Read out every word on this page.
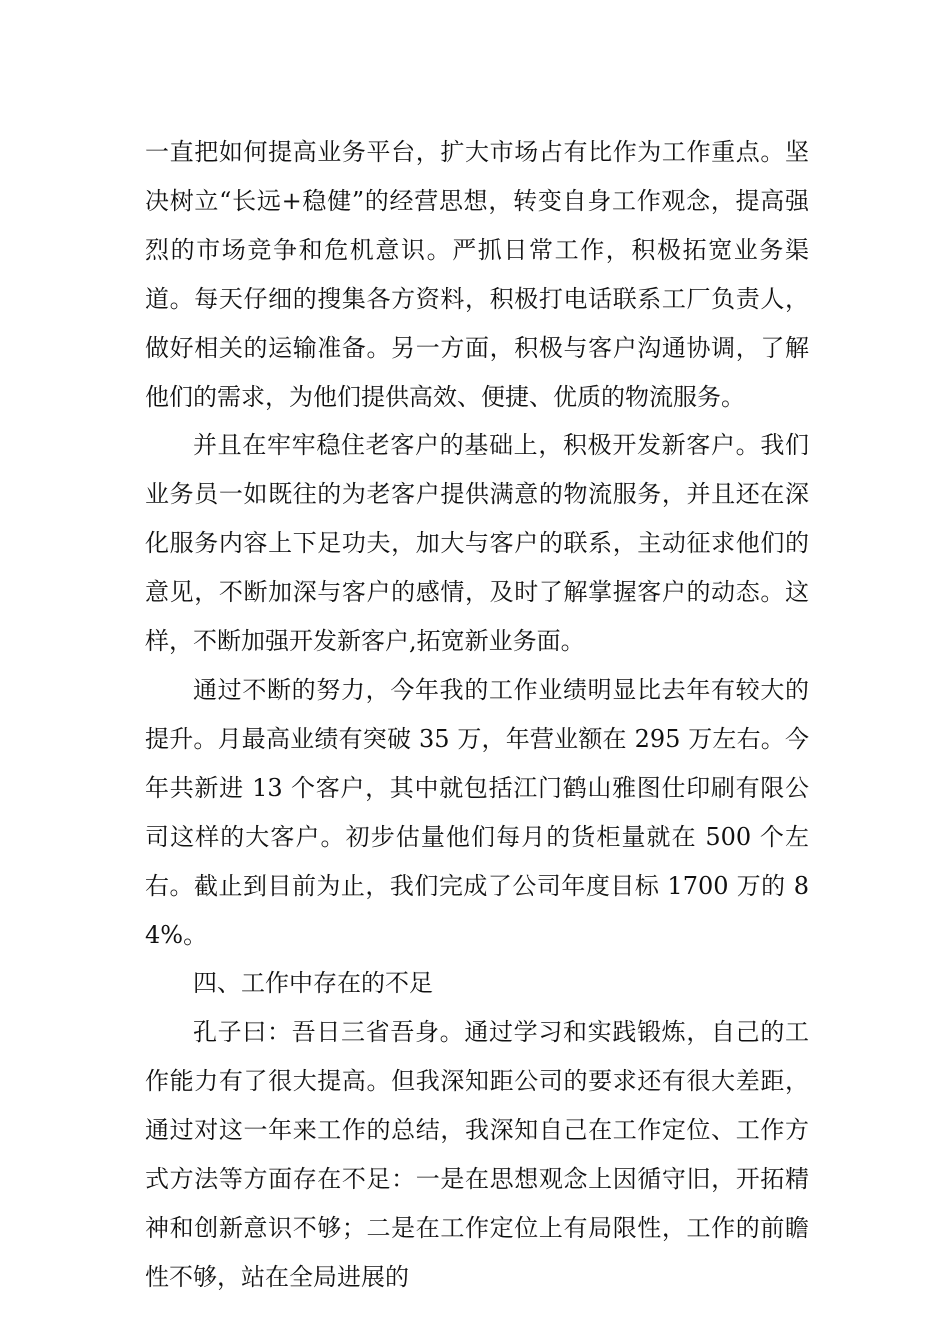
一直把如何提高业务平台，扩大市场占有比作为工作重点。坚决树立“长远+稳健”的经营思想，转变自身工作观念，提高强烈的市场竞争和危机意识。严抓日常工作，积极拓宽业务渠道。每天仔细的搜集各方资料，积极打电话联系工厂负责人，做好相关的运输准备。另一方面，积极与客户沟通协调，了解他们的需求，为他们提供高效、便捷、优质的物流服务。

并且在牢牢稳住老客户的基础上，积极开发新客户。我们业务员一如既往的为老客户提供满意的物流服务，并且还在深化服务内容上下足功夫，加大与客户的联系，主动征求他们的意见，不断加深与客户的感情，及时了解掌握客户的动态。这样，不断加强开发新客户,拓宽新业务面。

通过不断的努力，今年我的工作业绩明显比去年有较大的提升。月最高业绩有突破 35 万，年营业额在 295 万左右。今年共新进 13 个客户，其中就包括江门鹤山雅图仕印刷有限公司这样的大客户。初步估量他们每月的货柜量就在 500 个左右。截止到目前为止，我们完成了公司年度目标 1700 万的 84%。

四、工作中存在的不足

孔子曰：吾日三省吾身。通过学习和实践锻炼，自己的工作能力有了很大提高。但我深知距公司的要求还有很大差距，通过对这一年来工作的总结，我深知自己在工作定位、工作方式方法等方面存在不足：一是在思想观念上因循守旧，开拓精神和创新意识不够；二是在工作定位上有局限性，工作的前瞻性不够，站在全局进展的
